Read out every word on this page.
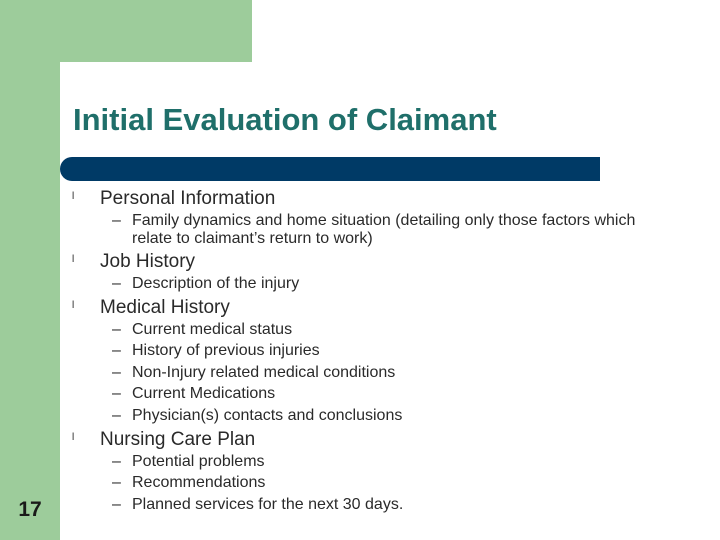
Initial Evaluation of Claimant
l Personal Information
– Family dynamics and home situation (detailing only those factors which relate to claimant’s return to work)
l Job History
– Description of the injury
l Medical History
– Current medical status
– History of previous injuries
– Non-Injury related medical conditions
– Current Medications
– Physician(s) contacts and conclusions
l Nursing Care Plan
– Potential problems
– Recommendations
– Planned services for the next 30 days.
17
